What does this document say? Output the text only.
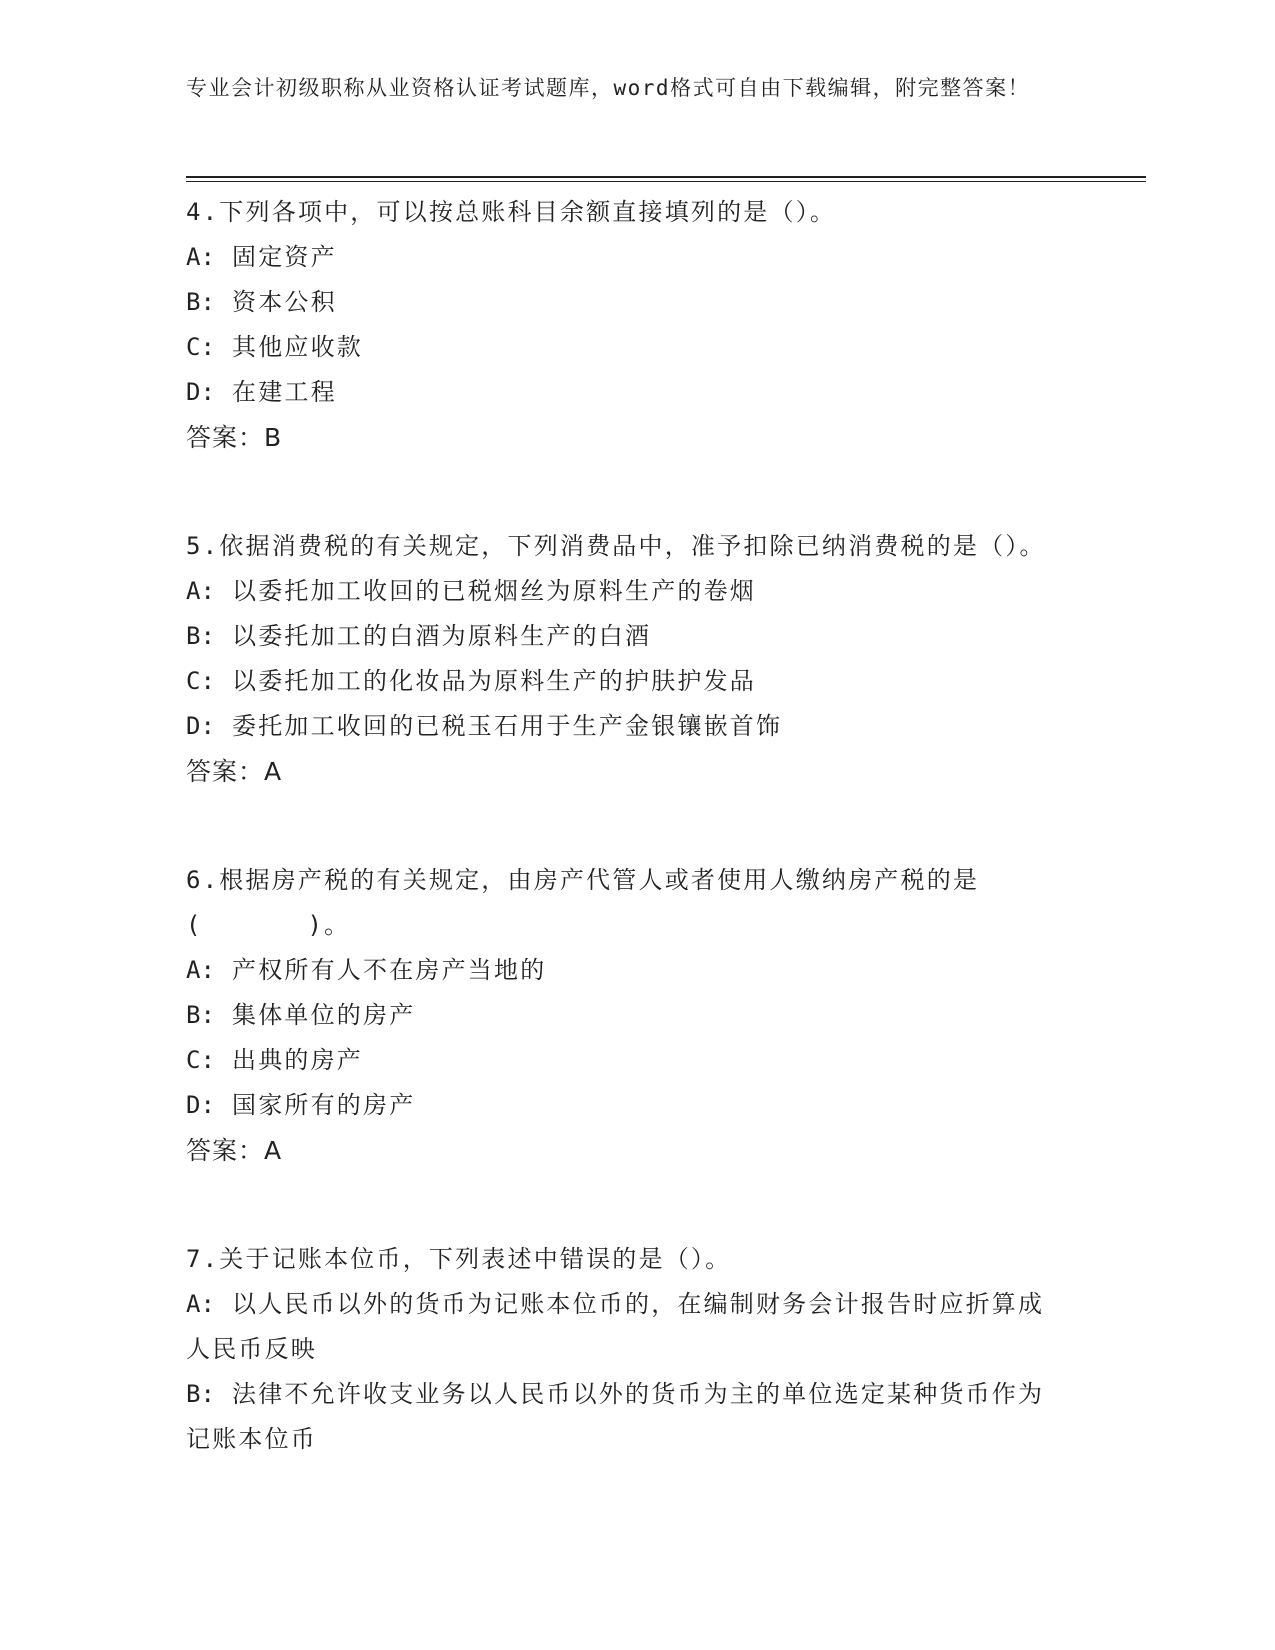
专业会计初级职称从业资格认证考试题库，word格式可自由下载编辑，附完整答案！
4.下列各项中，可以按总账科目余额直接填列的是（）。
A: 固定资产
B: 资本公积
C: 其他应收款
D: 在建工程
答案：B
5.依据消费税的有关规定，下列消费品中，准予扣除已纳消费税的是（）。
A: 以委托加工收回的已税烟丝为原料生产的卷烟
B: 以委托加工的白酒为原料生产的白酒
C: 以委托加工的化妆品为原料生产的护肤护发品
D: 委托加工收回的已税玉石用于生产金银镶嵌首饰
答案：A
6.根据房产税的有关规定，由房产代管人或者使用人缴纳房产税的是(　　　　)。
A: 产权所有人不在房产当地的
B: 集体单位的房产
C: 出典的房产
D: 国家所有的房产
答案：A
7.关于记账本位币，下列表述中错误的是（）。
A: 以人民币以外的货币为记账本位币的，在编制财务会计报告时应折算成人民币反映
B: 法律不允许收支业务以人民币以外的货币为主的单位选定某种货币作为记账本位币
